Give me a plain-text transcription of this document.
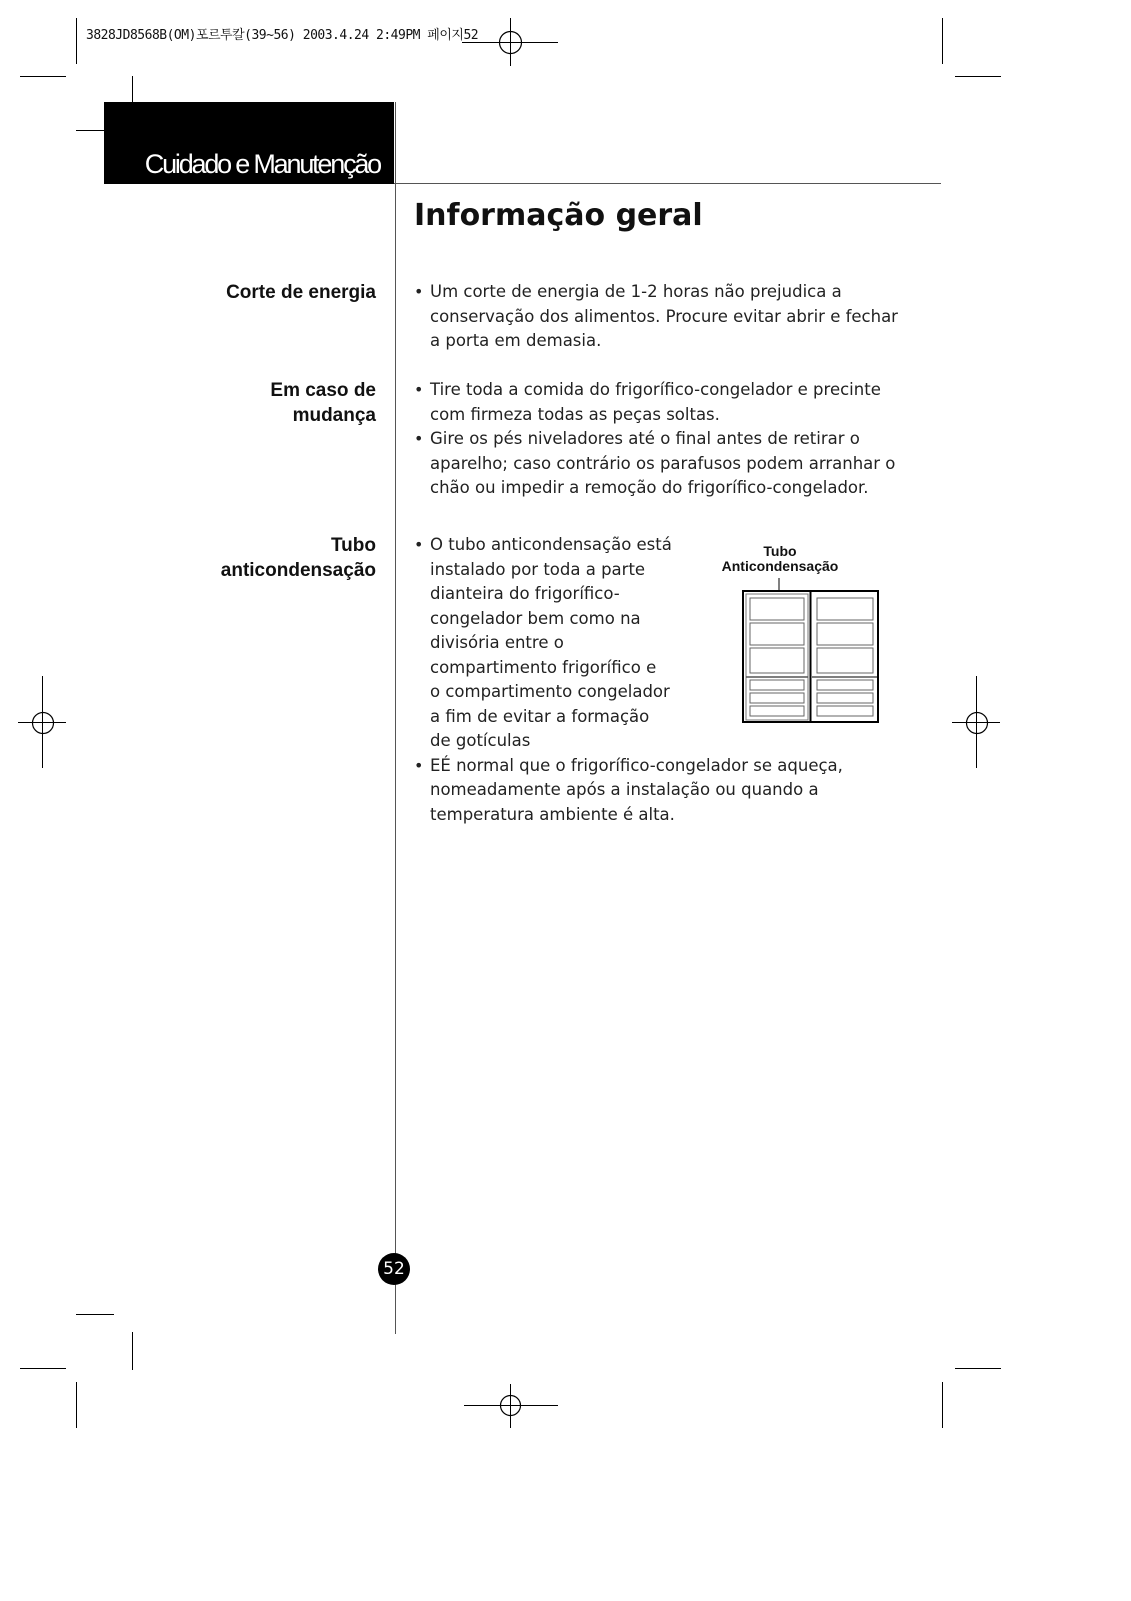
3828JD8568B(OM)포르투칼(39~56) 2003.4.24 2:49PM 페이지52
Cuidado e Manutenção
Informação geral
Corte de energia
•	Um corte de energia de 1-2 horas não prejudica a
conservação dos alimentos. Procure evitar abrir e fechar
a porta em demasia.
Em caso de
mudança
• Tire toda a comida do frigorífico-congelador e precinte
com firmeza todas as peças soltas.
• Gire os pés niveladores até o final antes de retirar o
aparelho; caso contrário os parafusos podem arranhar o
chão ou impedir a remoção do frigorífico-congelador.
Tubo
anticondensação
• O tubo anticondensação está
instalado por toda a parte
dianteira do frigorífico-
congelador bem como na
divisória entre o
compartimento frigorífico e
o compartimento congelador
a fim de evitar a formação
de gotículas
• EÉ normal que o frigorífico-congelador se aqueça,
nomeadamente após a instalação ou quando a
temperatura ambiente é alta.
Tubo
Anticondensação
52
